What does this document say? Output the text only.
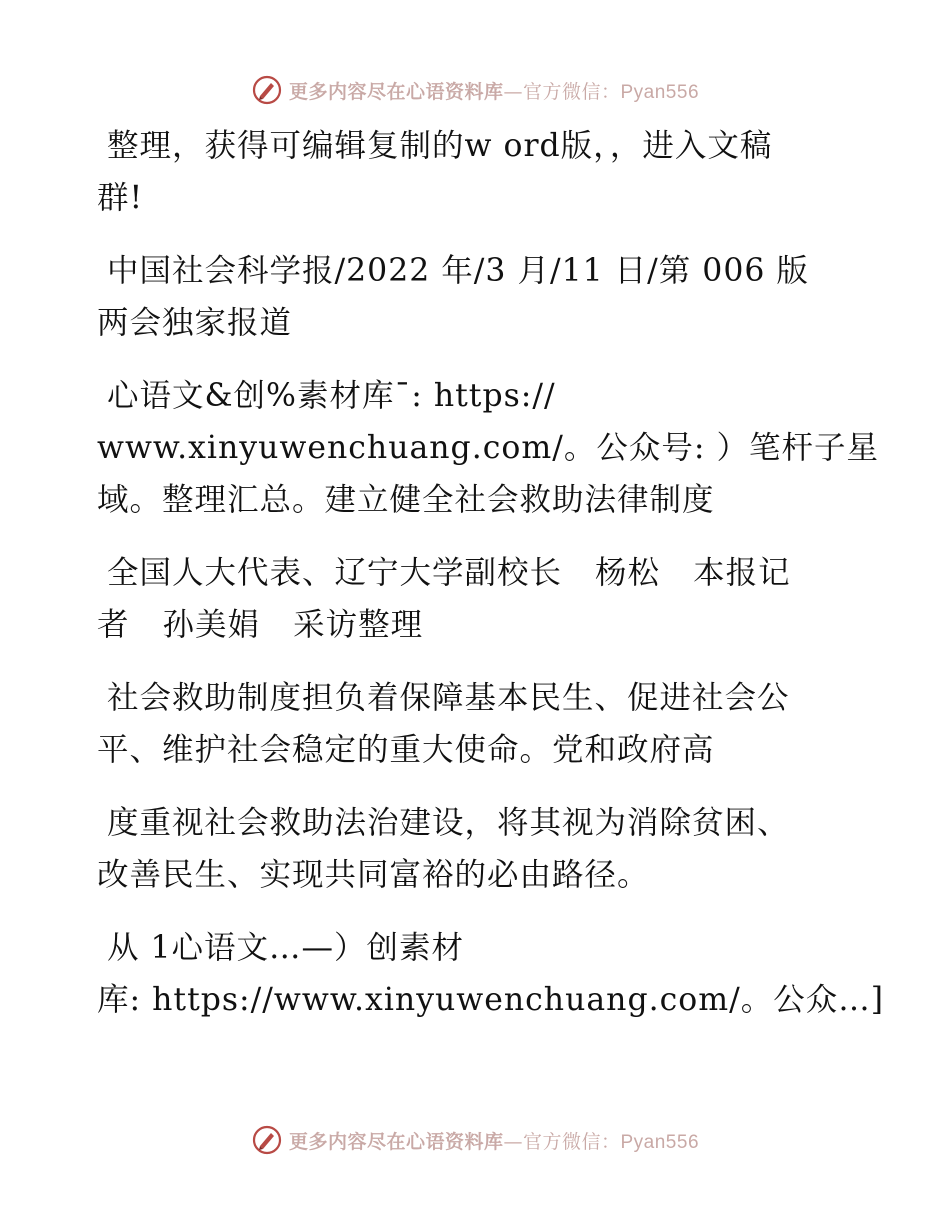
更多内容尽在心语资料库—官方微信：Pyan556

整理，获得可编辑复制的w ord版，，进入文稿
群!

中国社会科学报/2022 年/3 月/11 日/第 006 版
两会独家报道

心语文&创%素材库¯: https://
www.xinyuwenchuang.com/。公众号: ）笔杆子星
域。整理汇总。建立健全社会救助法律制度

全国人大代表、辽宁大学副校长   杨松   本报记
者   孙美娟   采访整理

社会救助制度担负着保障基本民生、促进社会公
平、维护社会稳定的重大使命。党和政府高

度重视社会救助法治建设，将其视为消除贫困、
改善民生、实现共同富裕的必由路径。

从 1心语文…—）创素材
库: https://www.xinyuwenchuang.com/。公众…]

更多内容尽在心语资料库—官方微信：Pyan556
